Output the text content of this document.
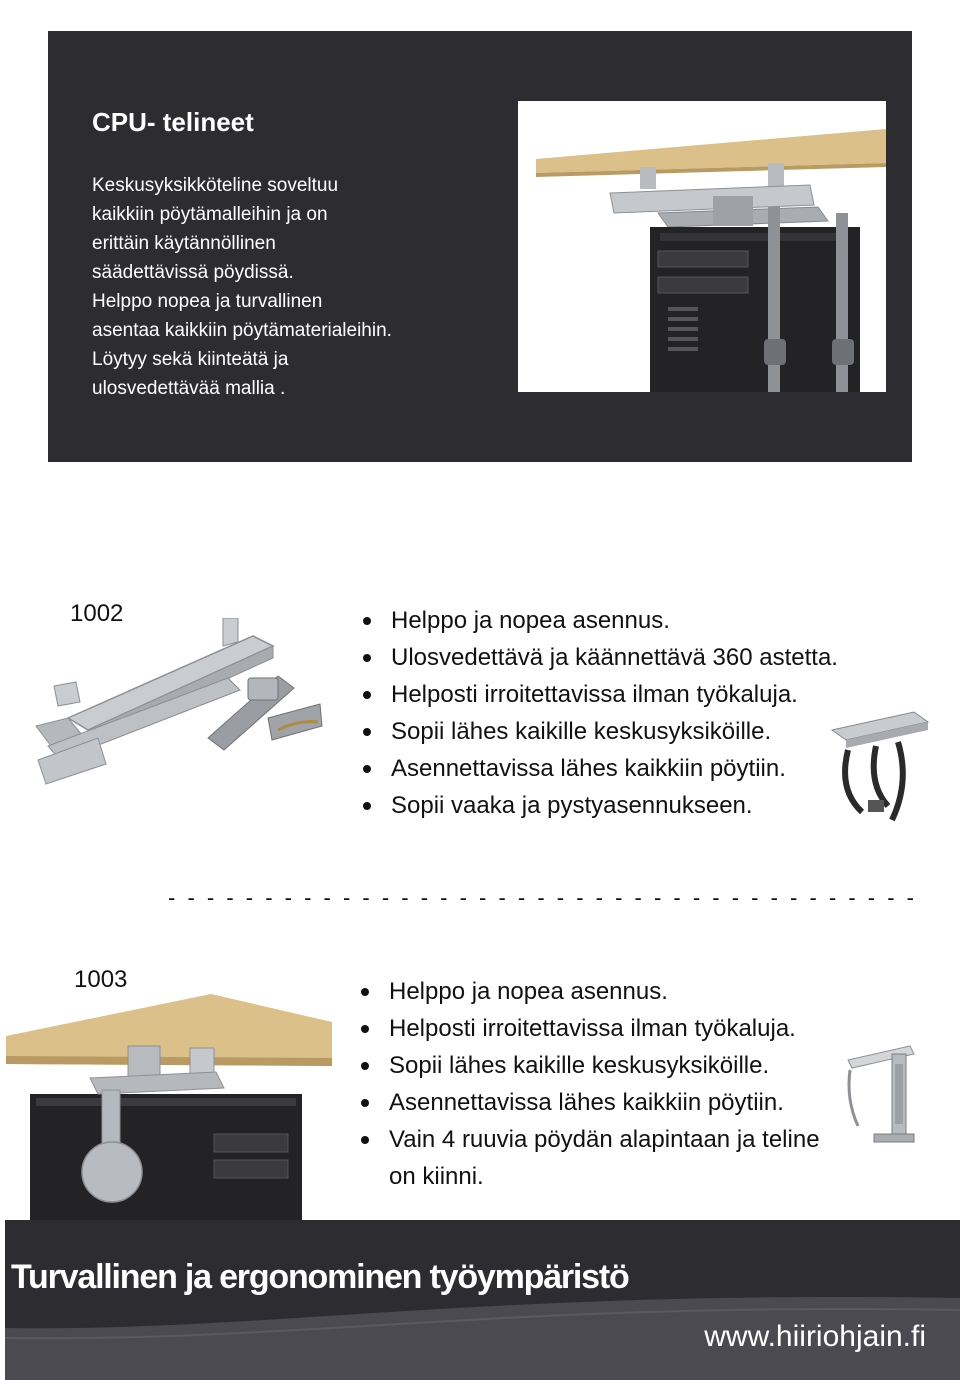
CPU- telineet
Keskusyksikköteline soveltuu
kaikkiin pöytämalleihin ja on
erittäin käytännöllinen
säädettävissä pöydissä.
Helppo nopea ja turvallinen
asentaa kaikkiin pöytämaterialeihin.
Löytyy sekä kiinteätä ja
ulosvedettävää mallia .
1002	Helppo ja nopea asennus.
Ulosvedettävä ja käännettävä 360 astetta.
Helposti irroitettavissa ilman työkaluja.
Sopii lähes kaikille keskusyksiköille.
Asennettavissa lähes kaikkiin pöytiin.
Sopii vaaka ja pystyasennukseen.
- - - - - - - - - - - - - - - - - - - - - - - - - - - - - - - - - - - - - - -
1003	Helppo ja nopea asennus.
Helposti irroitettavissa ilman työkaluja.
Sopii lähes kaikille keskusyksiköille.
Asennettavissa lähes kaikkiin pöytiin.
Vain 4 ruuvia pöydän alapintaan ja teline on kiinni.
Turvallinen ja ergonominen työympäristö
www.hiiriohjain.fi
